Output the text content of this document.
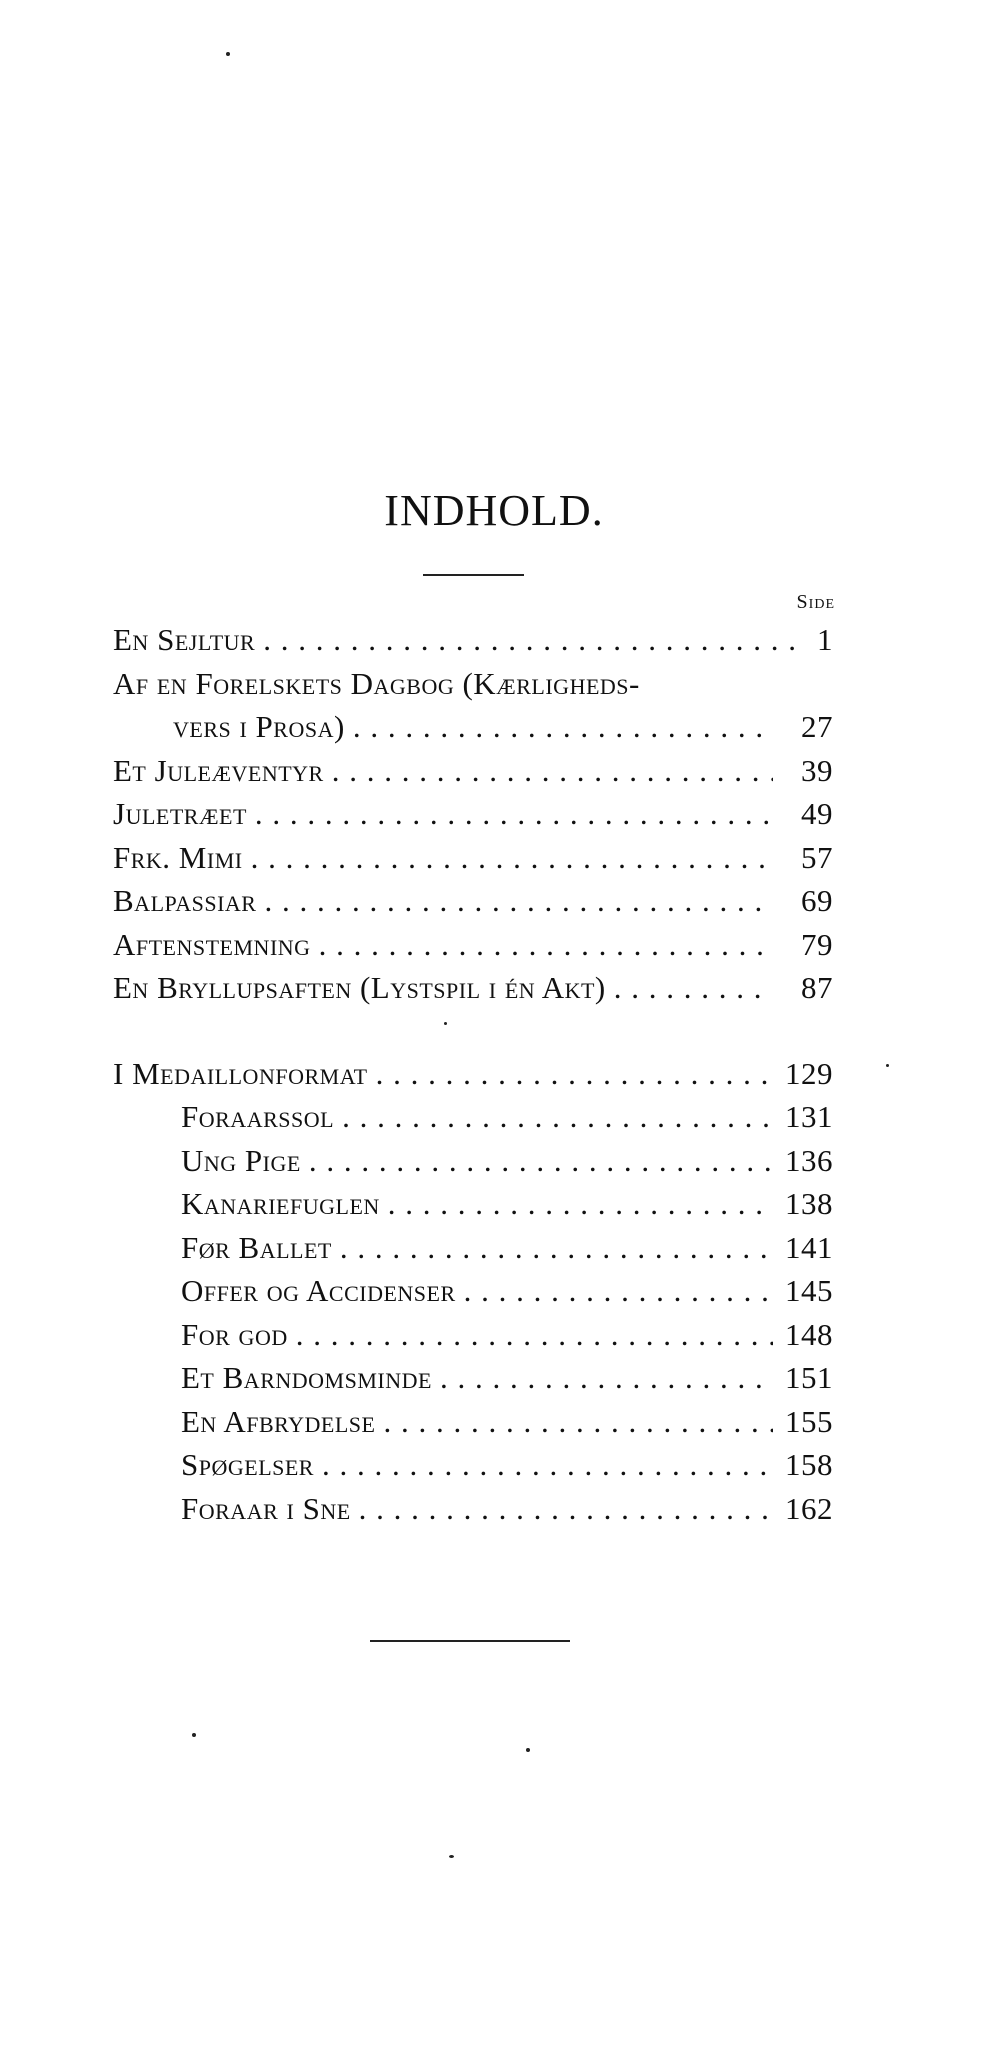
INDHOLD.
Side
En Sejltur . . .	1
Af en Forelskets Dagbog (Kærligheds-
vers i Prosa) . . .	27
Et Juleæventyr . . .	39
Juletræet . . .	49
Frk. Mimi . . .	57
Balpassiar . . .	69
Aftenstemning . . .	79
En Bryllupsaften (Lystspil i én Akt) . . .	87
I Medaillonformat . . .	129
Foraarssol . . .	131
Ung Pige . . .	136
Kanariefuglen . . .	138
Før Ballet . . .	141
Offer og Accidenser . . .	145
For god . . .	148
Et Barndomsminde . . .	151
En Afbrydelse . . .	155
Spøgelser . . .	158
Foraar i Sne . . .	162
